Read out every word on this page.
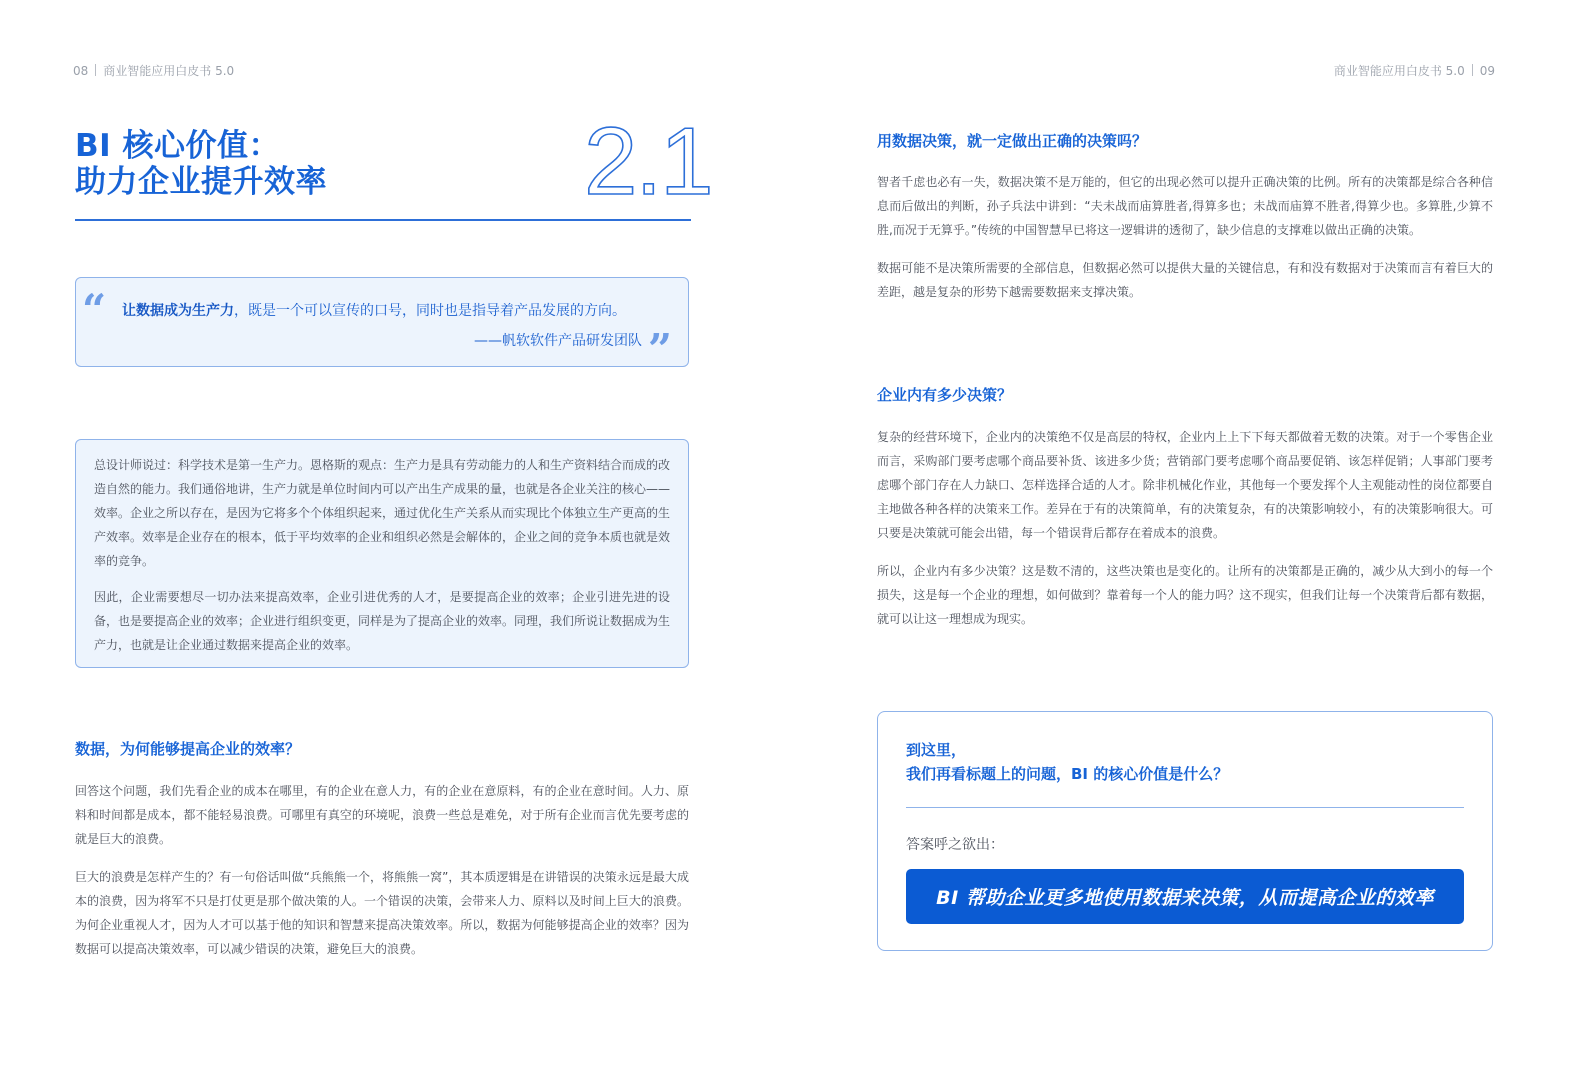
08 商业智能应用白皮书 5.0	商业智能应用白皮书 5.0 09
BI 核心价值：
助力企业提升效率	2.1
“ 让数据成为生产力，既是一个可以宣传的口号，同时也是指导着产品发展的方向。
——帆软软件产品研发团队 ”

总设计师说过：科学技术是第一生产力。恩格斯的观点：生产力是具有劳动能力的人和生产资料结合而成的改造自然的能力。我们通俗地讲，生产力就是单位时间内可以产出生产成果的量，也就是各企业关注的核心——效率。企业之所以存在，是因为它将多个个体组织起来，通过优化生产关系从而实现比个体独立生产更高的生产效率。效率是企业存在的根本，低于平均效率的企业和组织必然是会解体的，企业之间的竞争本质也就是效率的竞争。

因此，企业需要想尽一切办法来提高效率，企业引进优秀的人才，是要提高企业的效率；企业引进先进的设备，也是要提高企业的效率；企业进行组织变更，同样是为了提高企业的效率。同理，我们所说让数据成为生产力，也就是让企业通过数据来提高企业的效率。

数据，为何能够提高企业的效率？

回答这个问题，我们先看企业的成本在哪里，有的企业在意人力，有的企业在意原料，有的企业在意时间。人力、原料和时间都是成本，都不能轻易浪费。可哪里有真空的环境呢，浪费一些总是难免，对于所有企业而言优先要考虑的就是巨大的浪费。

巨大的浪费是怎样产生的？有一句俗话叫做“兵熊熊一个，将熊熊一窝”，其本质逻辑是在讲错误的决策永远是最大成本的浪费，因为将军不只是打仗更是那个做决策的人。一个错误的决策，会带来人力、原料以及时间上巨大的浪费。为何企业重视人才，因为人才可以基于他的知识和智慧来提高决策效率。所以，数据为何能够提高企业的效率？因为数据可以提高决策效率，可以减少错误的决策，避免巨大的浪费。

用数据决策，就一定做出正确的决策吗？

智者千虑也必有一失，数据决策不是万能的，但它的出现必然可以提升正确决策的比例。所有的决策都是综合各种信息而后做出的判断，孙子兵法中讲到：“夫未战而庙算胜者,得算多也；未战而庙算不胜者,得算少也。多算胜,少算不胜,而况于无算乎。”传统的中国智慧早已将这一逻辑讲的透彻了，缺少信息的支撑难以做出正确的决策。

数据可能不是决策所需要的全部信息，但数据必然可以提供大量的关键信息，有和没有数据对于决策而言有着巨大的差距，越是复杂的形势下越需要数据来支撑决策。

企业内有多少决策？

复杂的经营环境下，企业内的决策绝不仅是高层的特权，企业内上上下下每天都做着无数的决策。对于一个零售企业而言，采购部门要考虑哪个商品要补货、该进多少货；营销部门要考虑哪个商品要促销、该怎样促销；人事部门要考虑哪个部门存在人力缺口、怎样选择合适的人才。除非机械化作业，其他每一个要发挥个人主观能动性的岗位都要自主地做各种各样的决策来工作。差异在于有的决策简单，有的决策复杂，有的决策影响较小，有的决策影响很大。可只要是决策就可能会出错，每一个错误背后都存在着成本的浪费。

所以，企业内有多少决策？这是数不清的，这些决策也是变化的。让所有的决策都是正确的，减少从大到小的每一个损失，这是每一个企业的理想，如何做到？靠着每一个人的能力吗？这不现实，但我们让每一个决策背后都有数据，就可以让这一理想成为现实。

到这里，
我们再看标题上的问题，BI 的核心价值是什么？
答案呼之欲出：
BI 帮助企业更多地使用数据来决策，从而提高企业的效率
